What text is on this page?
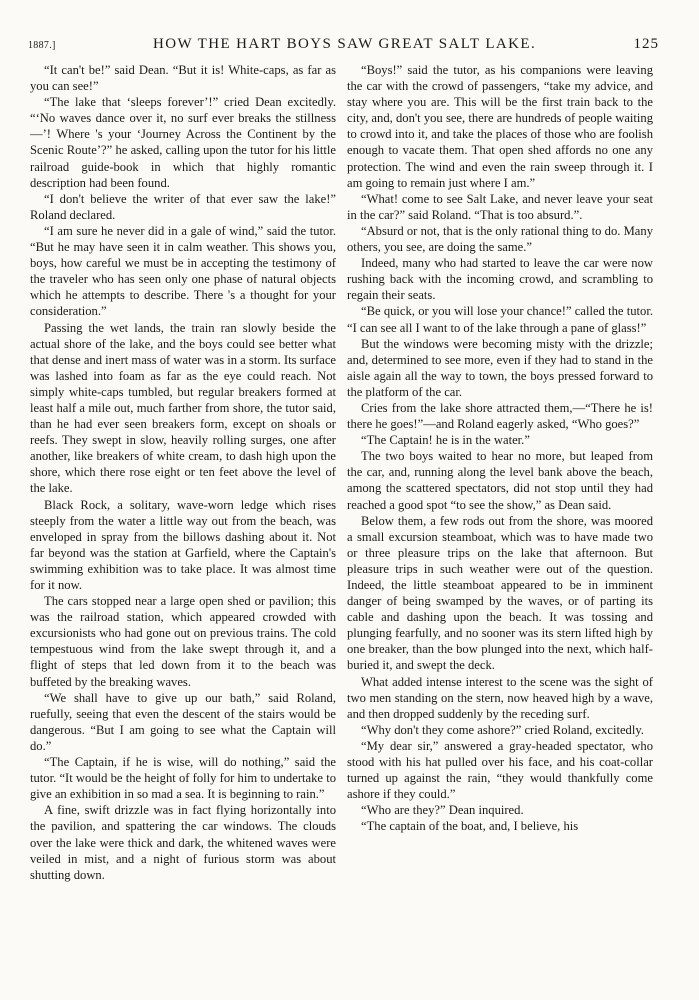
1887.]	HOW THE HART BOYS SAW GREAT SALT LAKE.	125

“It can't be!” said Dean. “But it is! White-caps, as far as you can see!”

“The lake that ‘sleeps forever’!” cried Dean excitedly. “‘No waves dance over it, no surf ever breaks the stillness—’! Where 's your ‘Journey Across the Continent by the Scenic Route’?” he asked, calling upon the tutor for his little railroad guide-book in which that highly romantic description had been found.

“I don't believe the writer of that ever saw the lake!” Roland declared.

“I am sure he never did in a gale of wind,” said the tutor. “But he may have seen it in calm weather. This shows you, boys, how careful we must be in accepting the testimony of the traveler who has seen only one phase of natural objects which he attempts to describe. There 's a thought for your consideration.”

Passing the wet lands, the train ran slowly beside the actual shore of the lake, and the boys could see better what that dense and inert mass of water was in a storm. Its surface was lashed into foam as far as the eye could reach. Not simply white-caps tumbled, but regular breakers formed at least half a mile out, much farther from shore, the tutor said, than he had ever seen breakers form, except on shoals or reefs. They swept in slow, heavily rolling surges, one after another, like breakers of white cream, to dash high upon the shore, which there rose eight or ten feet above the level of the lake.

Black Rock, a solitary, wave-worn ledge which rises steeply from the water a little way out from the beach, was enveloped in spray from the billows dashing about it. Not far beyond was the station at Garfield, where the Captain's swimming exhibition was to take place. It was almost time for it now.

The cars stopped near a large open shed or pavilion; this was the railroad station, which appeared crowded with excursionists who had gone out on previous trains. The cold tempestuous wind from the lake swept through it, and a flight of steps that led down from it to the beach was buffeted by the breaking waves.

“We shall have to give up our bath,” said Roland, ruefully, seeing that even the descent of the stairs would be dangerous. “But I am going to see what the Captain will do.”

“The Captain, if he is wise, will do nothing,” said the tutor. “It would be the height of folly for him to undertake to give an exhibition in so mad a sea. It is beginning to rain.”

A fine, swift drizzle was in fact flying horizontally into the pavilion, and spattering the car windows. The clouds over the lake were thick and dark, the whitened waves were veiled in mist, and a night of furious storm was about shutting down.

“Boys!” said the tutor, as his companions were leaving the car with the crowd of passengers, “take my advice, and stay where you are. This will be the first train back to the city, and, don't you see, there are hundreds of people waiting to crowd into it, and take the places of those who are foolish enough to vacate them. That open shed affords no one any protection. The wind and even the rain sweep through it. I am going to remain just where I am.”

“What! come to see Salt Lake, and never leave your seat in the car?” said Roland. “That is too absurd.”.

“Absurd or not, that is the only rational thing to do. Many others, you see, are doing the same.”

Indeed, many who had started to leave the car were now rushing back with the incoming crowd, and scrambling to regain their seats.

“Be quick, or you will lose your chance!” called the tutor. “I can see all I want to of the lake through a pane of glass!”

But the windows were becoming misty with the drizzle; and, determined to see more, even if they had to stand in the aisle again all the way to town, the boys pressed forward to the platform of the car.

Cries from the lake shore attracted them,—“There he is! there he goes!”—and Roland eagerly asked, “Who goes?”

“The Captain! he is in the water.”

The two boys waited to hear no more, but leaped from the car, and, running along the level bank above the beach, among the scattered spectators, did not stop until they had reached a good spot “to see the show,” as Dean said.

Below them, a few rods out from the shore, was moored a small excursion steamboat, which was to have made two or three pleasure trips on the lake that afternoon. But pleasure trips in such weather were out of the question. Indeed, the little steamboat appeared to be in imminent danger of being swamped by the waves, or of parting its cable and dashing upon the beach. It was tossing and plunging fearfully, and no sooner was its stern lifted high by one breaker, than the bow plunged into the next, which half-buried it, and swept the deck.

What added intense interest to the scene was the sight of two men standing on the stern, now heaved high by a wave, and then dropped suddenly by the receding surf.

“Why don't they come ashore?” cried Roland, excitedly.

“My dear sir,” answered a gray-headed spectator, who stood with his hat pulled over his face, and his coat-collar turned up against the rain, “they would thankfully come ashore if they could.”

“Who are they?” Dean inquired.

“The captain of the boat, and, I believe, his
